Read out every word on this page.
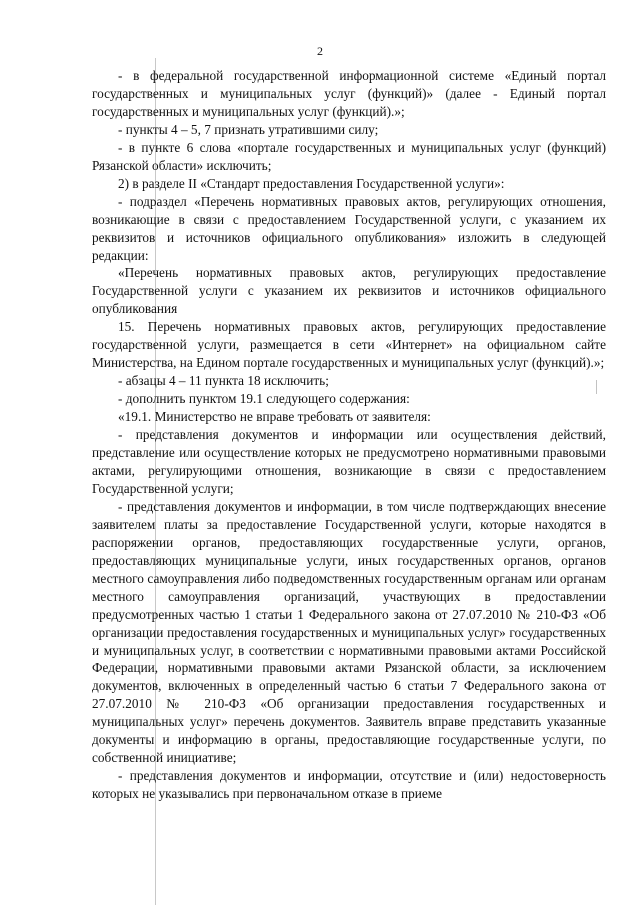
2

- в федеральной государственной информационной системе «Единый портал государственных и муниципальных услуг (функций)» (далее - Единый портал государственных и муниципальных услуг (функций).»;

- пункты 4 – 5, 7 признать утратившими силу;

- в пункте 6 слова «портале государственных и муниципальных услуг (функций) Рязанской области» исключить;

2) в разделе II «Стандарт предоставления Государственной услуги»:

- подраздел «Перечень нормативных правовых актов, регулирующих отношения, возникающие в связи с предоставлением Государственной услуги, с указанием их реквизитов и источников официального опубликования» изложить в следующей редакции:

«Перечень нормативных правовых актов, регулирующих предоставление Государственной услуги с указанием их реквизитов и источников официального опубликования

15. Перечень нормативных правовых актов, регулирующих предоставление государственной услуги, размещается в сети «Интернет» на официальном сайте Министерства, на Едином портале государственных и муниципальных услуг (функций).»;

- абзацы 4 – 11 пункта 18 исключить;

- дополнить пунктом 19.1 следующего содержания:

«19.1. Министерство не вправе требовать от заявителя:

- представления документов и информации или осуществления действий, представление или осуществление которых не предусмотрено нормативными правовыми актами, регулирующими отношения, возникающие в связи с предоставлением Государственной услуги;

- представления документов и информации, в том числе подтверждающих внесение заявителем платы за предоставление Государственной услуги, которые находятся в распоряжении органов, предоставляющих государственные услуги, органов, предоставляющих муниципальные услуги, иных государственных органов, органов местного самоуправления либо подведомственных государственным органам или органам местного самоуправления организаций, участвующих в предоставлении предусмотренных частью 1 статьи 1 Федерального закона от 27.07.2010 № 210-ФЗ «Об организации предоставления государственных и муниципальных услуг» государственных и муниципальных услуг, в соответствии с нормативными правовыми актами Российской Федерации, нормативными правовыми актами Рязанской области, за исключением документов, включенных в определенный частью 6 статьи 7 Федерального закона от 27.07.2010 № 210-ФЗ «Об организации предоставления государственных и муниципальных услуг» перечень документов. Заявитель вправе представить указанные документы и информацию в органы, предоставляющие государственные услуги, по собственной инициативе;

- представления документов и информации, отсутствие и (или) недостоверность которых не указывались при первоначальном отказе в приеме
